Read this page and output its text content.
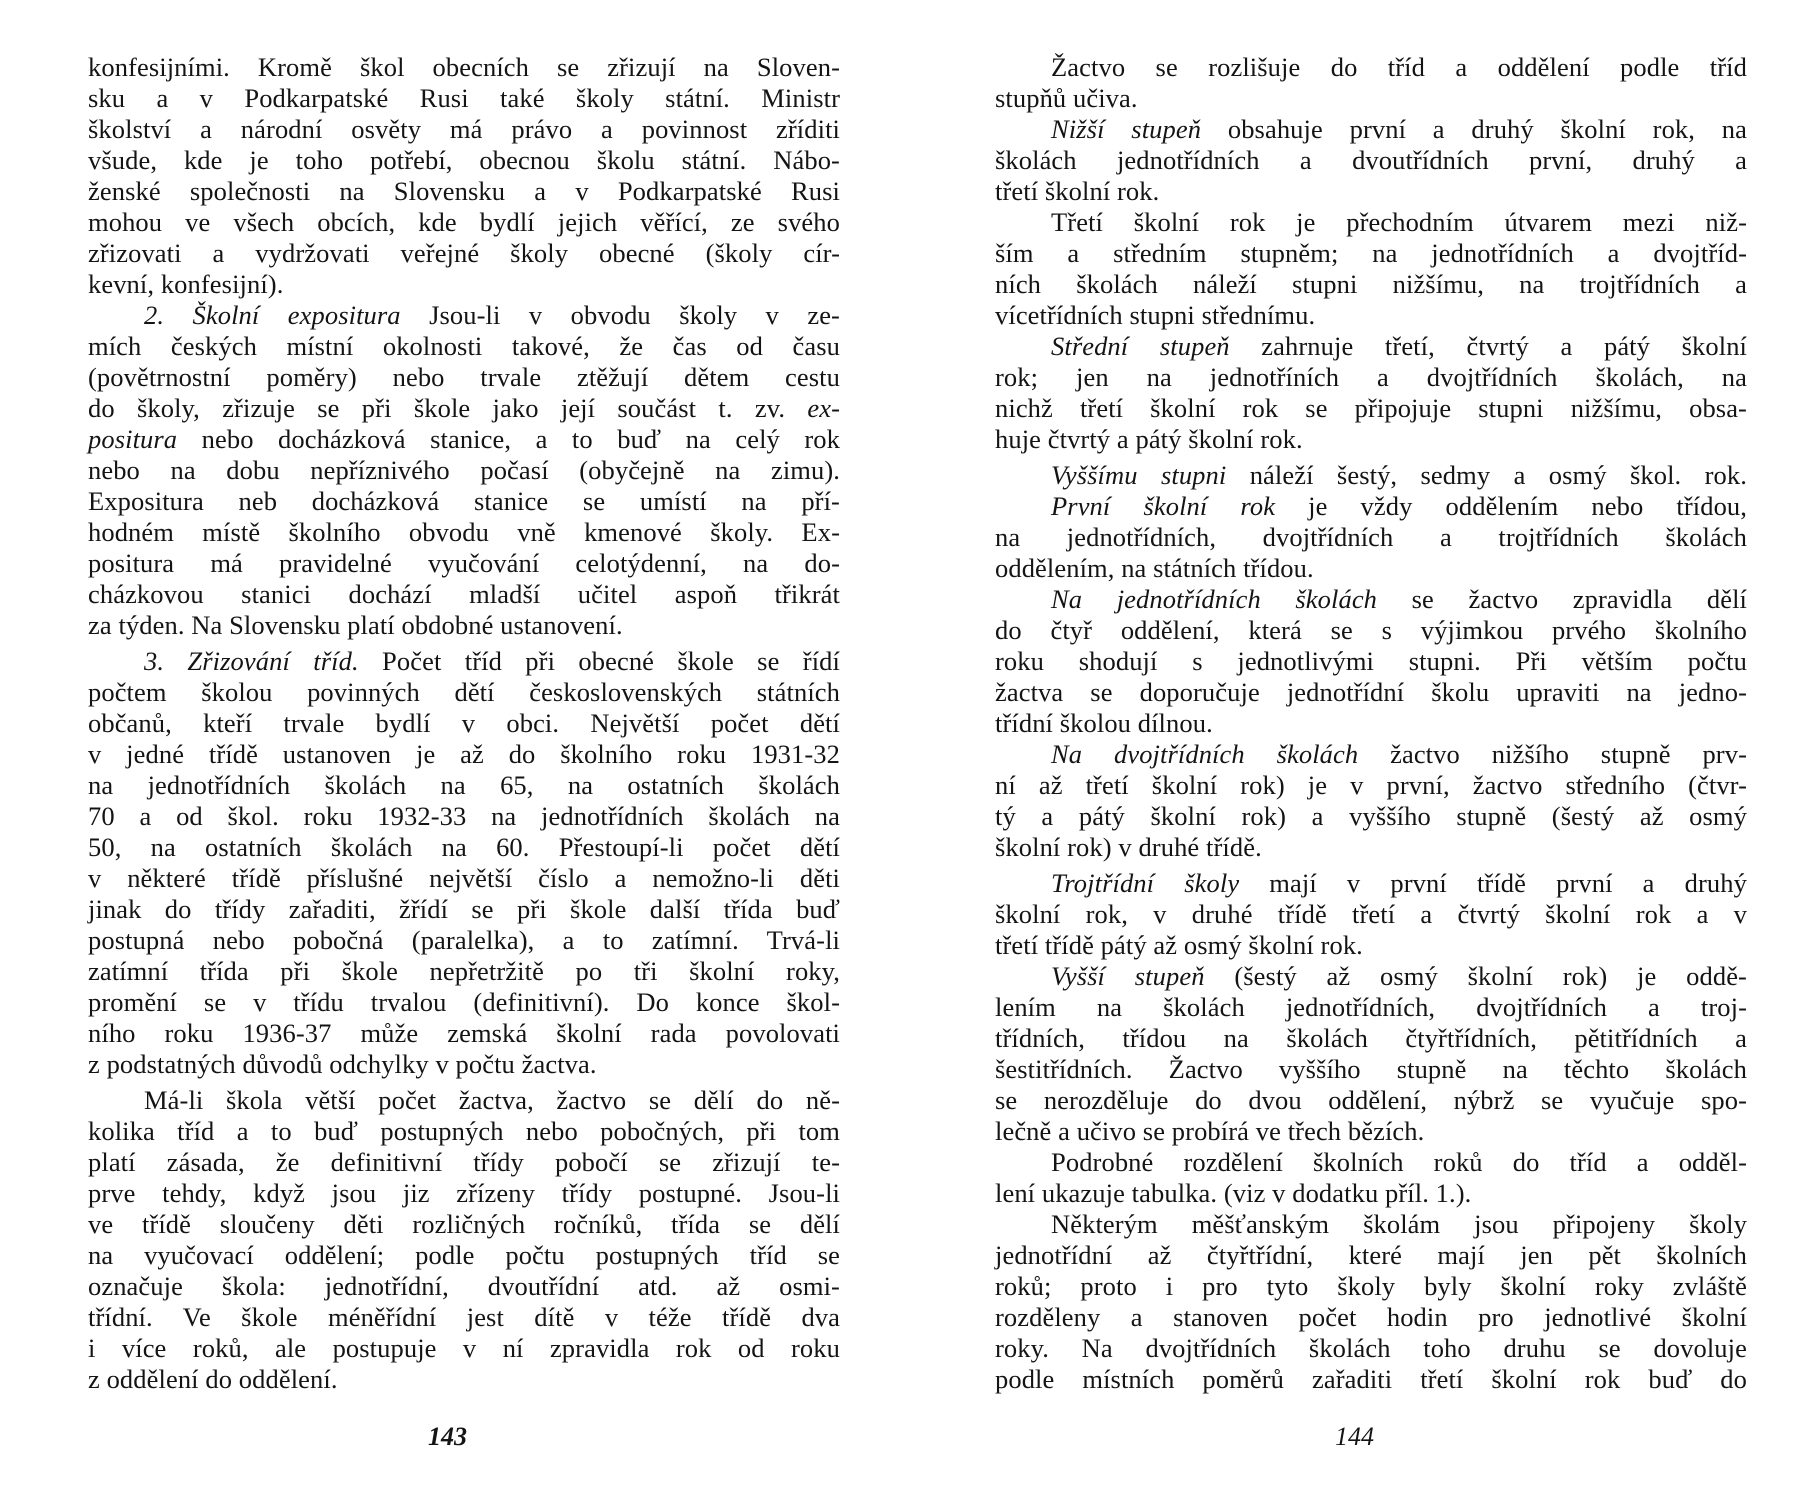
konfesijními. Kromě škol obecních se zřizují na Sloven-
sku a v Podkarpatské Rusi také školy státní. Ministr
školství a národní osvěty má právo a povinnost zříditi
všude, kde je toho potřebí, obecnou školu státní. Nábo-
ženské společnosti na Slovensku a v Podkarpatské Rusi
mohou ve všech obcích, kde bydlí jejich věřící, ze svého
zřizovati a vydržovati veřejné školy obecné (školy cír-
kevní, konfesijní).
2. Školní expositura Jsou-li v obvodu školy v ze-
mích českých místní okolnosti takové, že čas od času
(povětrnostní poměry) nebo trvale ztěžují dětem cestu
do školy, zřizuje se při škole jako její součást t. zv. ex-
positura nebo docházková stanice, a to buď na celý rok
nebo na dobu nepříznivého počasí (obyčejně na zimu).
Expositura neb docházková stanice se umístí na pří-
hodném místě školního obvodu vně kmenové školy. Ex-
positura má pravidelné vyučování celotýdenní, na do-
cházkovou stanici dochází mladší učitel aspoň třikrát
za týden. Na Slovensku platí obdobné ustanovení.
3. Zřizování tříd. Počet tříd při obecné škole se řídí
počtem školou povinných dětí československých státních
občanů, kteří trvale bydlí v obci. Největší počet dětí
v jedné třídě ustanoven je až do školního roku 1931-32
na jednotřídních školách na 65, na ostatních školách
70 a od škol. roku 1932-33 na jednotřídních školách na
50, na ostatních školách na 60. Přestoupí-li počet dětí
v některé třídě příslušné největší číslo a nemožno-li děti
jinak do třídy zařaditi, žřídí se při škole další třída buď
postupná nebo pobočná (paralelka), a to zatímní. Trvá-li
zatímní třída při škole nepřetržitě po tři školní roky,
promění se v třídu trvalou (definitivní). Do konce škol-
ního roku 1936-37 může zemská školní rada povolovati
z podstatných důvodů odchylky v počtu žactva.
Má-li škola větší počet žactva, žactvo se dělí do ně-
kolika tříd a to buď postupných nebo pobočných, při tom
platí zásada, že definitivní třídy pobočí se zřizují te-
prve tehdy, když jsou jiz zřízeny třídy postupné. Jsou-li
ve třídě sloučeny děti rozličných ročníků, třída se dělí
na vyučovací oddělení; podle počtu postupných tříd se
označuje škola: jednotřídní, dvoutřídní atd. až osmi-
třídní. Ve škole méněřídní jest dítě v téže třídě dva
i více roků, ale postupuje v ní zpravidla rok od roku
z oddělení do oddělení.
143
Žactvo se rozlišuje do tříd a oddělení podle tříd
stupňů učiva.
Nižší stupeň obsahuje první a druhý školní rok, na
školách jednotřídních a dvoutřídních první, druhý a
třetí školní rok.
Třetí školní rok je přechodním útvarem mezi niž-
ším a středním stupněm; na jednotřídních a dvojtříd-
ních školách náleží stupni nižšímu, na trojtřídních a
vícetřídních stupni střednímu.
Střední stupeň zahrnuje třetí, čtvrtý a pátý školní
rok; jen na jednotříních a dvojtřídních školách, na
nichž třetí školní rok se připojuje stupni nižšímu, obsa-
huje čtvrtý a pátý školní rok.
Vyššímu stupni náleží šestý, sedmy a osmý škol. rok.
První školní rok je vždy oddělením nebo třídou,
na jednotřídních, dvojtřídních a trojtřídních školách
oddělením, na státních třídou.
Na jednotřídních školách se žactvo zpravidla dělí
do čtyř oddělení, která se s výjimkou prvého školního
roku shodují s jednotlivými stupni. Při větším počtu
žactva se doporučuje jednotřídní školu upraviti na jedno-
třídní školou dílnou.
Na dvojtřídních školách žactvo nižšího stupně prv-
ní až třetí školní rok) je v první, žactvo středního (čtvr-
tý a pátý školní rok) a vyššího stupně (šestý až osmý
školní rok) v druhé třídě.
Trojtřídní školy mají v první třídě první a druhý
školní rok, v druhé třídě třetí a čtvrtý školní rok a v
třetí třídě pátý až osmý školní rok.
Vyšší stupeň (šestý až osmý školní rok) je oddě-
lením na školách jednotřídních, dvojtřídních a troj-
třídních, třídou na školách čtyřtřídních, pětitřídních a
šestitřídních. Žactvo vyššího stupně na těchto školách
se nerozděluje do dvou oddělení, nýbrž se vyučuje spo-
lečně a učivo se probírá ve třech bězích.
Podrobné rozdělení školních roků do tříd a odděl-
lení ukazuje tabulka. (viz v dodatku příl. 1.).
Některým měšťanským školám jsou připojeny školy
jednotřídní až čtyřtřídní, které mají jen pět školních
roků; proto i pro tyto školy byly školní roky zvláště
rozděleny a stanoven počet hodin pro jednotlivé školní
roky. Na dvojtřídních školách toho druhu se dovoluje
podle místních poměrů zařaditi třetí školní rok buď do
144
